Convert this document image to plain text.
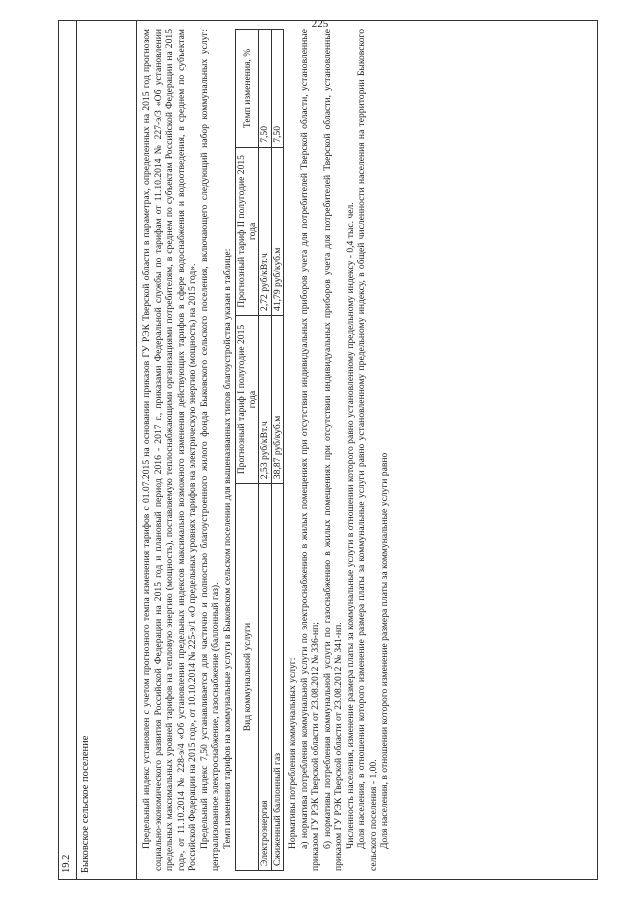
225
19.2 Быковское сельское поселение	Предельный индекс установлен с учетом прогнозного темпа изменения тарифов с 01.07.2015 на основании приказов ГУ РЭК Тверской области в параметрах, определенных на 2015 год прогнозом социально-экономического развития Российской Федерации на 2015 год и плановый период 2016 - 2017 г., приказами Федеральной службы по тарифам от 11.10.2014 № 227-э/3 «Об установлении предельных максимальных уровней тарифов на тепловую энергию (мощность), поставляемую теплоснабжающими организациями потребителям, в среднем по субъектам Российской Федерации на 2015 год», от 11.10.2014 № 228-э/4 «Об установлении предельных индексов максимально возможного изменения действующих тарифов в сфере водоснабжения и водоотведения, в среднем по субъектам Российской Федерации на 2015 год», от 10.10.2014 № 225-э/1 «О предельных уровнях тарифов на электрическую энергию (мощность) на 2015 год». Предельный индекс 7,50 устанавливается для частично и полностью благоустроенного жилого фонда Быковского сельского поселения, включающего следующий набор коммунальных услуг: централизованное электроснабжение, газоснабжение (баллонный газ). Темп изменения тарифов на коммунальные услуги в Быковском сельском поселении для вышеназванных типов благоустройства указан в таблице: Вид коммунальной услуги	Прогнозный тариф I полугодие 2015 года	Прогнозный тариф II полугодие 2015 года	Темп изменения, %
Электроэнергия	2,53 руб/кВт.ч	2,72 руб/кВт.ч	7,50
Сжиженный баллонный газ	38,87 руб/куб.м	41,79 руб/куб.м	7,50

Нормативы потребления коммунальных услуг: а) норматива потребления коммунальной услуги по электроснабжению в жилых помещениях при отсутствии индивидуальных приборов учета для потребителей Тверской области, установленные приказом ГУ РЭК Тверской области от 23.08.2012 № 336-нп; б) нормативы потребления коммунальной услуги по газоснабжению в жилых помещениях при отсутствии индивидуальных приборов учета для потребителей Тверской области, установленные приказом ГУ РЭК Тверской области от 23.08.2012 № 341-нп. Численность населения, изменение размера платы за коммунальные услуги в отношении которого равно установленному предельному индексу - 0,4 тыс. чел. Доля населения, в отношении которого изменение размера платы за коммунальные услуги равно установленному предельному индексу, в общей численности населения на территории Быковского сельского поселения - 1,00. Доля населения, в отношении которого изменение размера платы за коммунальные услуги равно
